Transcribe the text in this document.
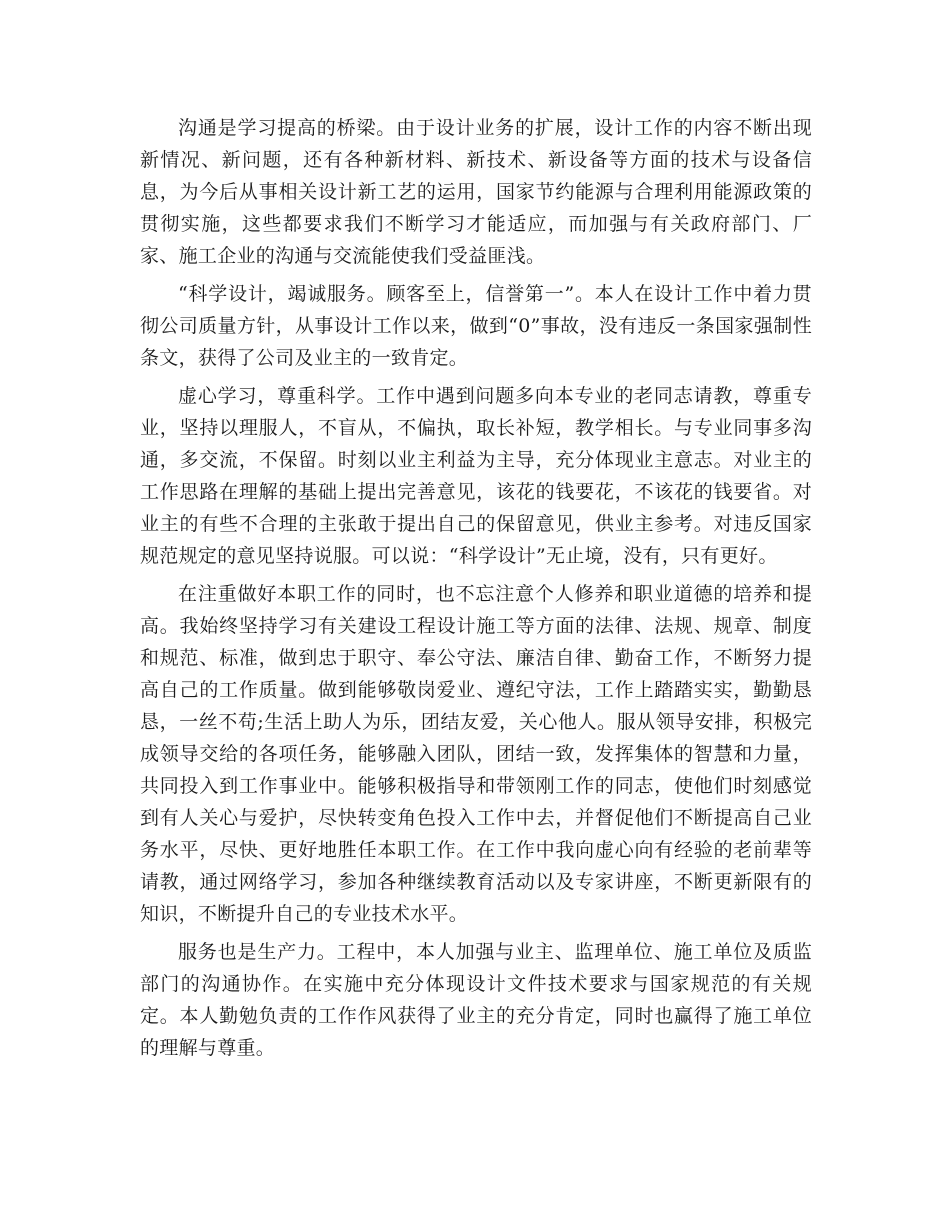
沟通是学习提高的桥梁。由于设计业务的扩展，设计工作的内容不断出现新情况、新问题，还有各种新材料、新技术、新设备等方面的技术与设备信息，为今后从事相关设计新工艺的运用，国家节约能源与合理利用能源政策的贯彻实施，这些都要求我们不断学习才能适应，而加强与有关政府部门、厂家、施工企业的沟通与交流能使我们受益匪浅。

“科学设计，竭诚服务。顾客至上，信誉第一”。本人在设计工作中着力贯彻公司质量方针，从事设计工作以来，做到“0”事故，没有违反一条国家强制性条文，获得了公司及业主的一致肯定。

虚心学习，尊重科学。工作中遇到问题多向本专业的老同志请教，尊重专业，坚持以理服人，不盲从，不偏执，取长补短，教学相长。与专业同事多沟通，多交流，不保留。时刻以业主利益为主导，充分体现业主意志。对业主的工作思路在理解的基础上提出完善意见，该花的钱要花，不该花的钱要省。对业主的有些不合理的主张敢于提出自己的保留意见，供业主参考。对违反国家规范规定的意见坚持说服。可以说：“科学设计”无止境，没有，只有更好。

在注重做好本职工作的同时，也不忘注意个人修养和职业道德的培养和提高。我始终坚持学习有关建设工程设计施工等方面的法律、法规、规章、制度和规范、标准，做到忠于职守、奉公守法、廉洁自律、勤奋工作，不断努力提高自己的工作质量。做到能够敬岗爱业、遵纪守法，工作上踏踏实实，勤勤恳恳，一丝不苟;生活上助人为乐，团结友爱，关心他人。服从领导安排，积极完成领导交给的各项任务，能够融入团队，团结一致，发挥集体的智慧和力量，共同投入到工作事业中。能够积极指导和带领刚工作的同志，使他们时刻感觉到有人关心与爱护，尽快转变角色投入工作中去，并督促他们不断提高自己业务水平，尽快、更好地胜任本职工作。在工作中我向虚心向有经验的老前辈等请教，通过网络学习，参加各种继续教育活动以及专家讲座，不断更新限有的知识，不断提升自己的专业技术水平。

服务也是生产力。工程中，本人加强与业主、监理单位、施工单位及质监部门的沟通协作。在实施中充分体现设计文件技术要求与国家规范的有关规定。本人勤勉负责的工作作风获得了业主的充分肯定，同时也赢得了施工单位的理解与尊重。
